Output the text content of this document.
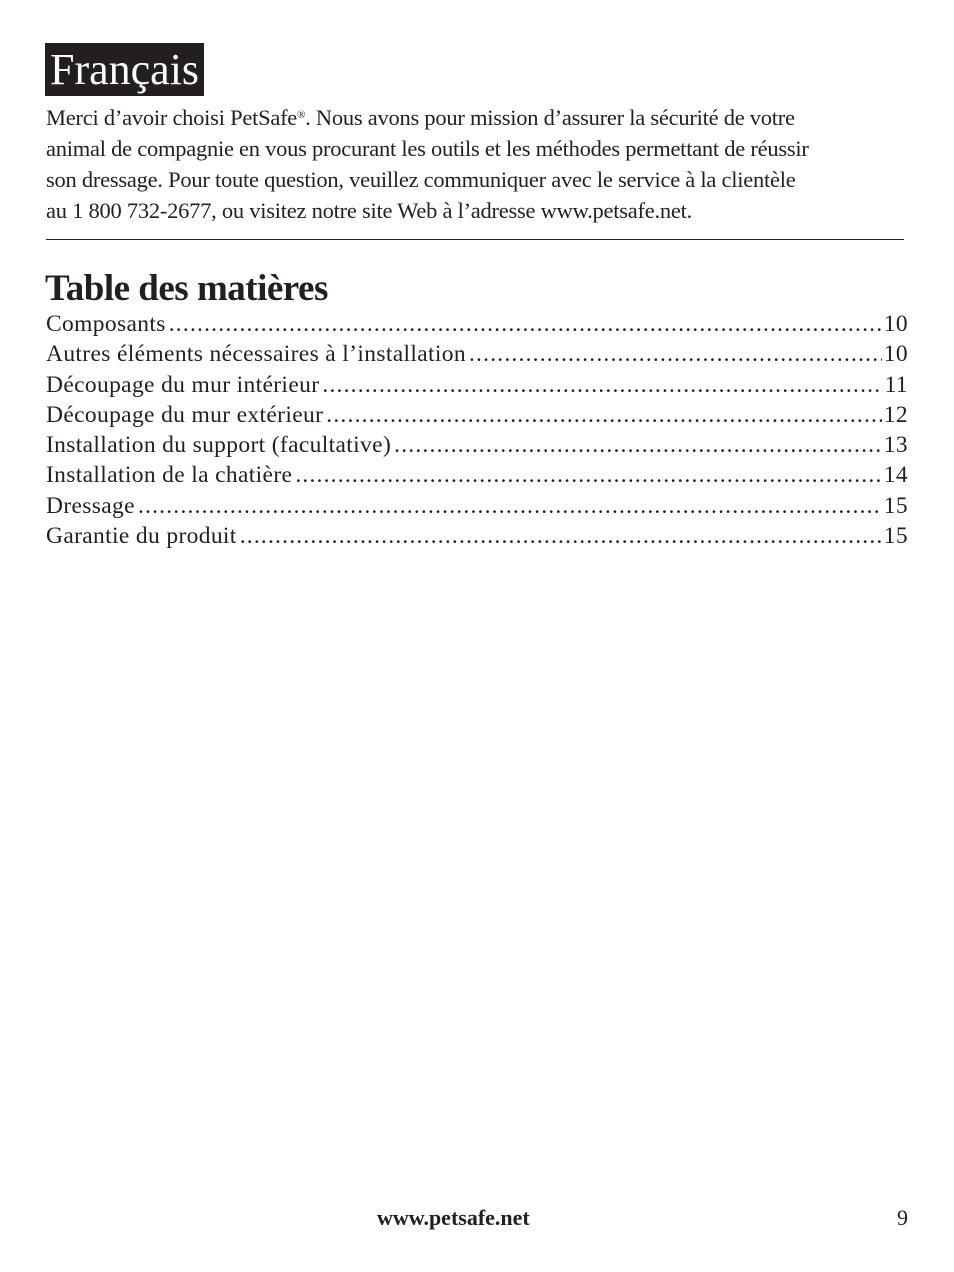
Français

Merci d’avoir choisi PetSafe®. Nous avons pour mission d’assurer la sécurité de votre

animal de compagnie en vous procurant les outils et les méthodes permettant de réussir

son dressage. Pour toute question, veuillez communiquer avec le service à la clientèle

au 1 800 732-2677, ou visitez notre site Web à l’adresse www.petsafe.net.

Table des matières
Composants .....	10
Autres éléments nécessaires à l’installation .....	10
Découpage du mur intérieur .....	11
Découpage du mur extérieur .....	12
Installation du support (facultative) .....	13
Installation de la chatière .....	14
Dressage .....	15
Garantie du produit .....	15
www.petsafe.net	9
